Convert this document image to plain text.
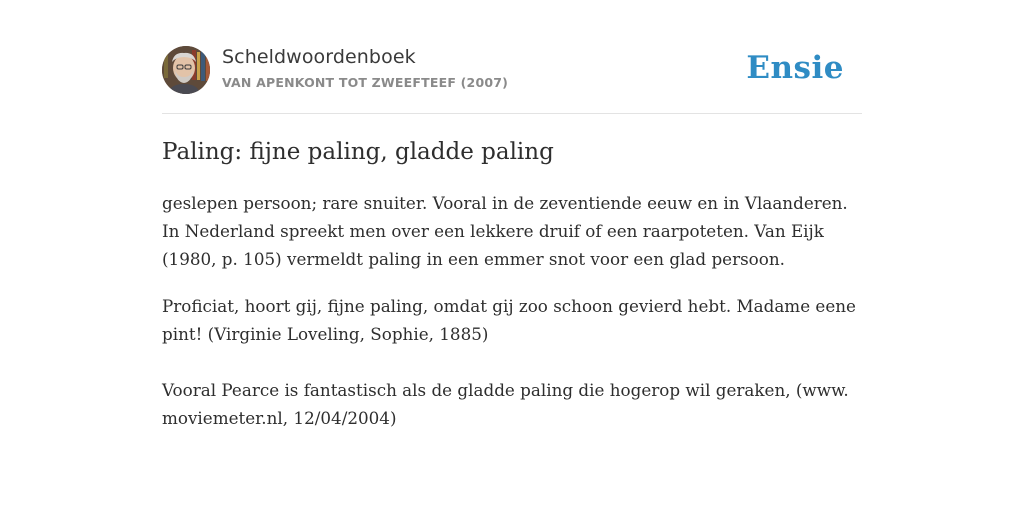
Scheldwoordenboek
VAN APENKONT TOT ZWEEFTEEF (2007)	Ensie
Paling: fijne paling, gladde paling

geslepen persoon; rare snuiter. Vooral in de zeventiende eeuw en in Vlaanderen.

In Nederland spreekt men over een lekkere druif of een raarpoteten. Van Eijk

(1980, p. 105) vermeldt paling in een emmer snot voor een glad persoon.

Proficiat, hoort gij, fijne paling, omdat gij zoo schoon gevierd hebt. Madame eene

pint! (Virginie Loveling, Sophie, 1885)

Vooral Pearce is fantastisch als de gladde paling die hogerop wil geraken, (www.

moviemeter.nl, 12/04/2004)
